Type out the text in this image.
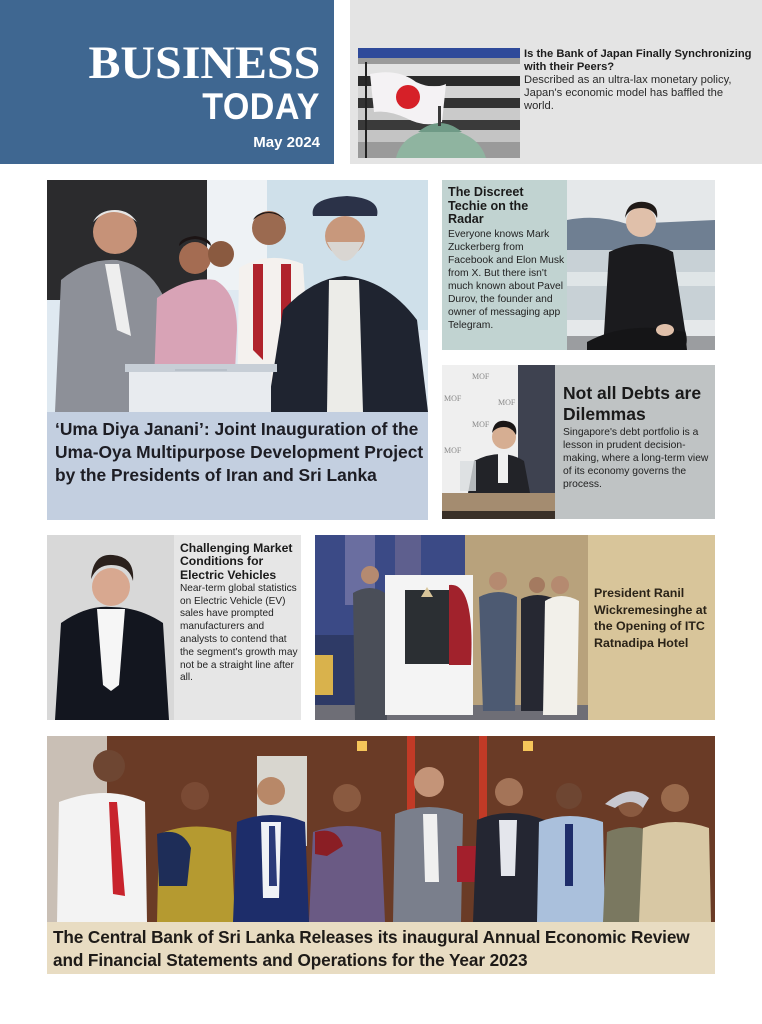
BUSINESS
TODAY
May 2024
Is the Bank of Japan Finally Synchronizing with their Peers?
Described as an ultra-lax monetary policy, Japan's economic model has baffled the world.
‘Uma Diya Janani’: Joint Inauguration of the Uma-Oya Multipurpose Development Project by the Presidents of Iran and Sri Lanka
The Discreet Techie on the Radar
Everyone knows Mark Zuckerberg from Facebook and Elon Musk from X. But there isn't much known about Pavel Durov, the founder and owner of messaging app Telegram.
MOF
MOF	MOF
MOF
MOF
Not all Debts are Dilemmas
Singapore's debt portfolio is a lesson in prudent decision-making, where a long-term view of its economy governs the process.
Challenging Market Conditions for Electric Vehicles
Near-term global statistics on Electric Vehicle (EV) sales have prompted manufacturers and analysts to contend that the segment's growth may not be a straight line after all.
President Ranil Wickremesinghe at the Opening of ITC Ratnadipa Hotel
The Central Bank of Sri Lanka Releases its inaugural Annual Economic Review and Financial Statements and Operations for the Year 2023
